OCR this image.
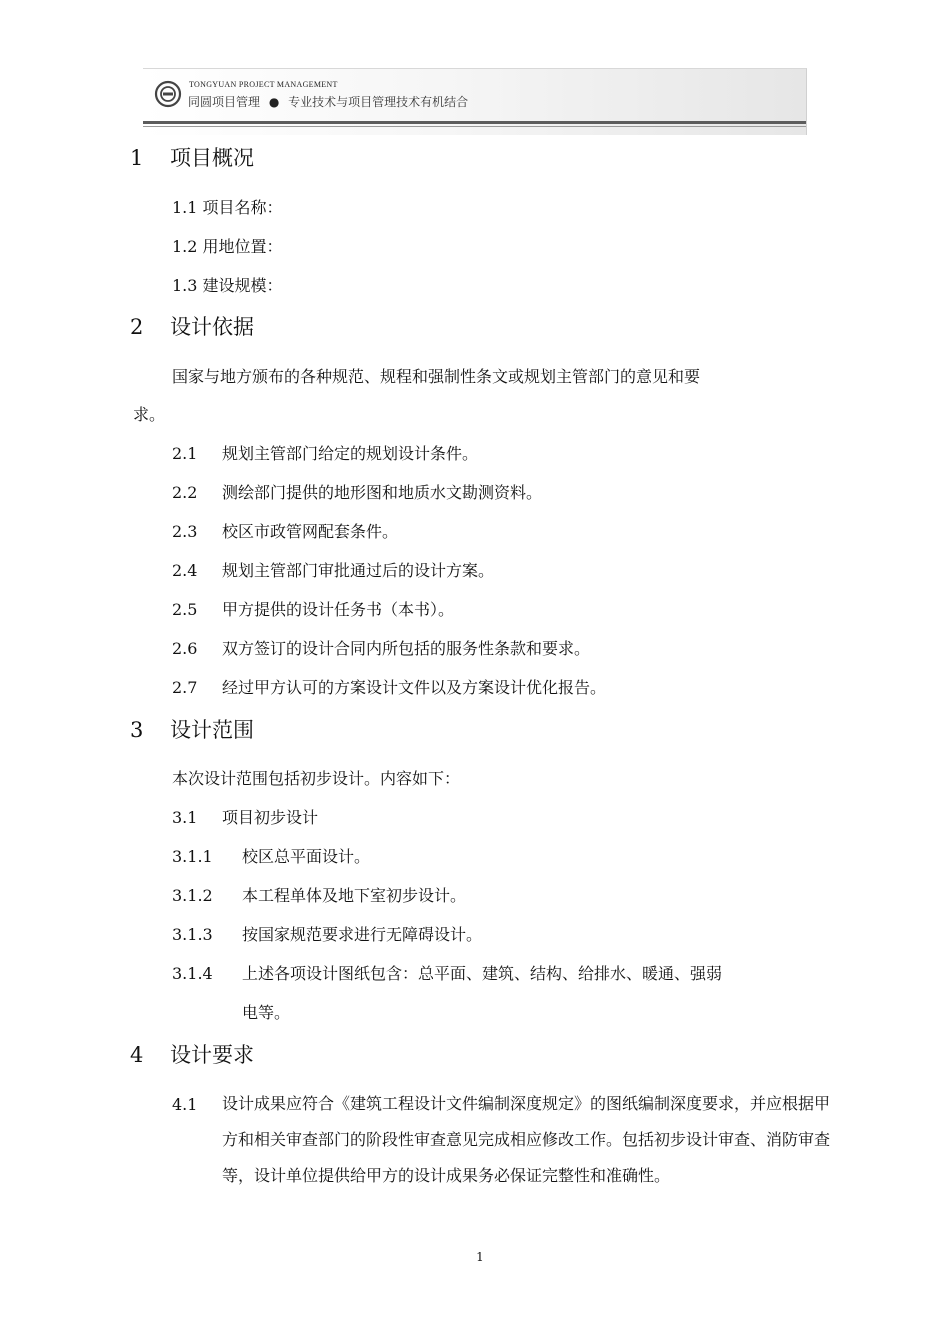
TONGYUAN PROJECT MANAGEMENT
同圆项目管理 ● 专业技术与项目管理技术有机结合
1 项目概况
1.1 项目名称：
1.2 用地位置：
1.3 建设规模：
2 设计依据
国家与地方颁布的各种规范、规程和强制性条文或规划主管部门的意见和要
求。
2.1 规划主管部门给定的规划设计条件。
2.2 测绘部门提供的地形图和地质水文勘测资料。
2.3 校区市政管网配套条件。
2.4 规划主管部门审批通过后的设计方案。
2.5 甲方提供的设计任务书（本书）。
2.6 双方签订的设计合同内所包括的服务性条款和要求。
2.7 经过甲方认可的方案设计文件以及方案设计优化报告。
3 设计范围
本次设计范围包括初步设计。内容如下：
3.1 项目初步设计
3.1.1 校区总平面设计。
3.1.2 本工程单体及地下室初步设计。
3.1.3 按国家规范要求进行无障碍设计。
3.1.4 上述各项设计图纸包含：总平面、建筑、结构、给排水、暖通、强弱
电等。
4 设计要求
4.1 设计成果应符合《建筑工程设计文件编制深度规定》的图纸编制深度要求，并应根据甲方和相关审查部门的阶段性审查意见完成相应修改工作。包括初步设计审查、消防审查等，设计单位提供给甲方的设计成果务必保证完整性和准确性。
1
